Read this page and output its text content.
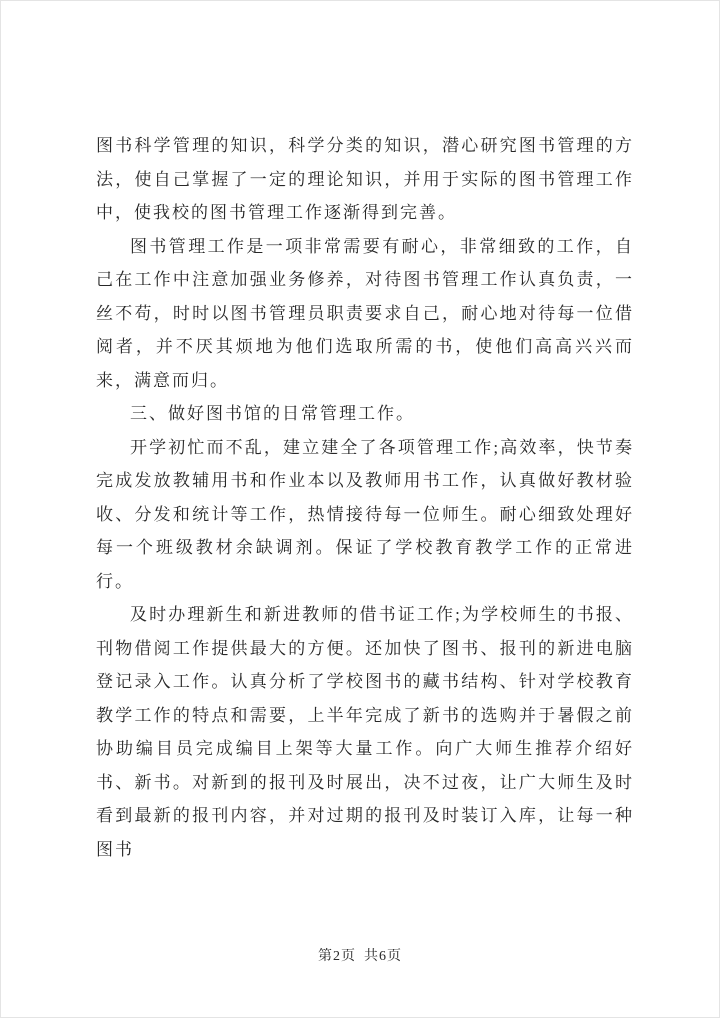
图书科学管理的知识，科学分类的知识，潜心研究图书管理的方法，使自己掌握了一定的理论知识，并用于实际的图书管理工作中，使我校的图书管理工作逐渐得到完善。

图书管理工作是一项非常需要有耐心，非常细致的工作，自己在工作中注意加强业务修养，对待图书管理工作认真负责，一丝不苟，时时以图书管理员职责要求自己，耐心地对待每一位借阅者，并不厌其烦地为他们选取所需的书，使他们高高兴兴而来，满意而归。

三、做好图书馆的日常管理工作。

开学初忙而不乱，建立建全了各项管理工作;高效率，快节奏完成发放教辅用书和作业本以及教师用书工作，认真做好教材验收、分发和统计等工作，热情接待每一位师生。耐心细致处理好每一个班级教材余缺调剂。保证了学校教育教学工作的正常进行。

及时办理新生和新进教师的借书证工作;为学校师生的书报、刊物借阅工作提供最大的方便。还加快了图书、报刊的新进电脑登记录入工作。认真分析了学校图书的藏书结构、针对学校教育教学工作的特点和需要，上半年完成了新书的选购并于暑假之前协助编目员完成编目上架等大量工作。向广大师生推荐介绍好书、新书。对新到的报刊及时展出，决不过夜，让广大师生及时看到最新的报刊内容，并对过期的报刊及时装订入库，让每一种图书

第2页 共6页
